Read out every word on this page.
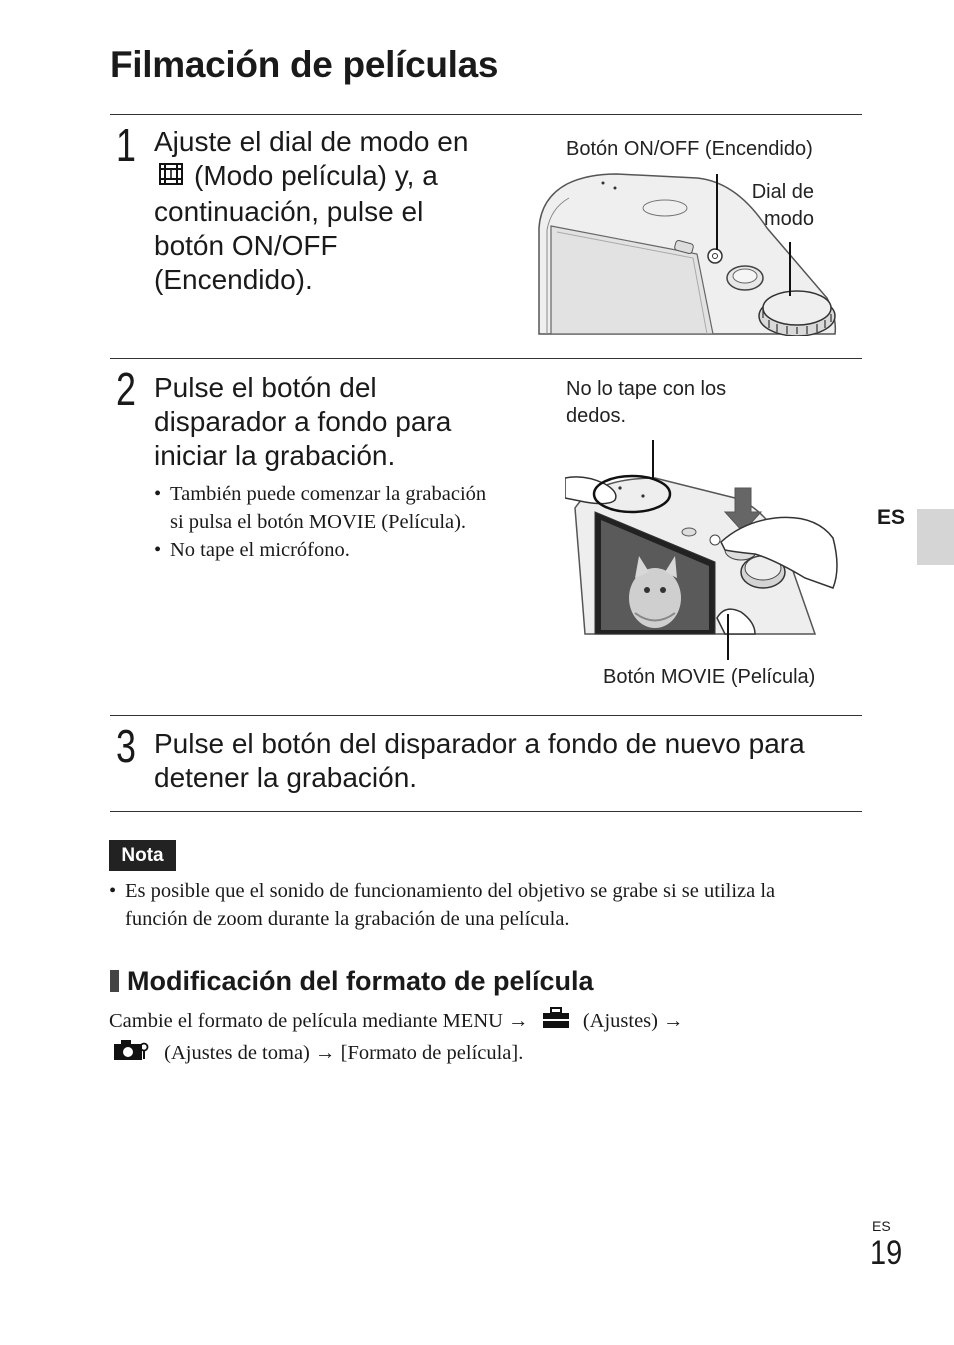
Filmación de películas
1 Ajuste el dial de modo en
(Modo película) y, a
continuación, pulse el
botón ON/OFF
(Encendido).
Botón ON/OFF (Encendido)
Dial de
modo
2 Pulse el botón del
disparador a fondo para
iniciar la grabación.
• También puede comenzar la grabación
si pulsa el botón MOVIE (Película).
• No tape el micrófono.
No lo tape con los
dedos.
Botón MOVIE (Película)
3 Pulse el botón del disparador a fondo de nuevo para
detener la grabación.
Nota
• Es posible que el sonido de funcionamiento del objetivo se grabe si se utiliza la
función de zoom durante la grabación de una película.
Modificación del formato de película
Cambie el formato de película mediante MENU →	(Ajustes) →
(Ajustes de toma) → [Formato de película].
ES
ES
19
